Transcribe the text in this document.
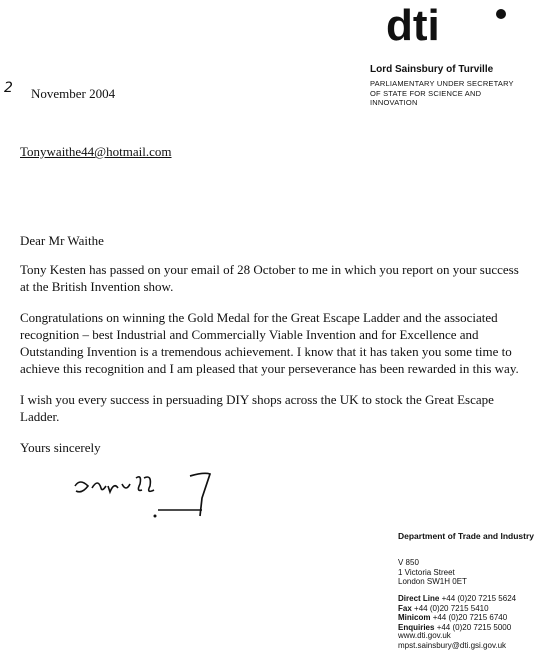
dti

Lord Sainsbury of Turville

PARLIAMENTARY UNDER SECRETARY
OF STATE FOR SCIENCE AND
INNOVATION

2 November 2004
Tonywaithe44@hotmail.com

Dear Mr Waithe

Tony Kesten has passed on your email of 28 October to me in which you report on your success at the British Invention show.

Congratulations on winning the Gold Medal for the Great Escape Ladder and the associated recognition – best Industrial and Commercially Viable Invention and for Excellence and Outstanding Invention is a tremendous achievement. I know that it has taken you some time to achieve this recognition and I am pleased that your perseverance has been rewarded in this way.

I wish you every success in persuading DIY shops across the UK to stock the Great Escape Ladder.

Yours sincerely

Department of Trade and Industry
V 850
1 Victoria Street
London SW1H 0ET
Direct Line +44 (0)20 7215 5624
Fax +44 (0)20 7215 5410
Minicom +44 (0)20 7215 6740
Enquiries +44 (0)20 7215 5000
www.dti.gov.uk
mpst.sainsbury@dti.gsi.gov.uk
